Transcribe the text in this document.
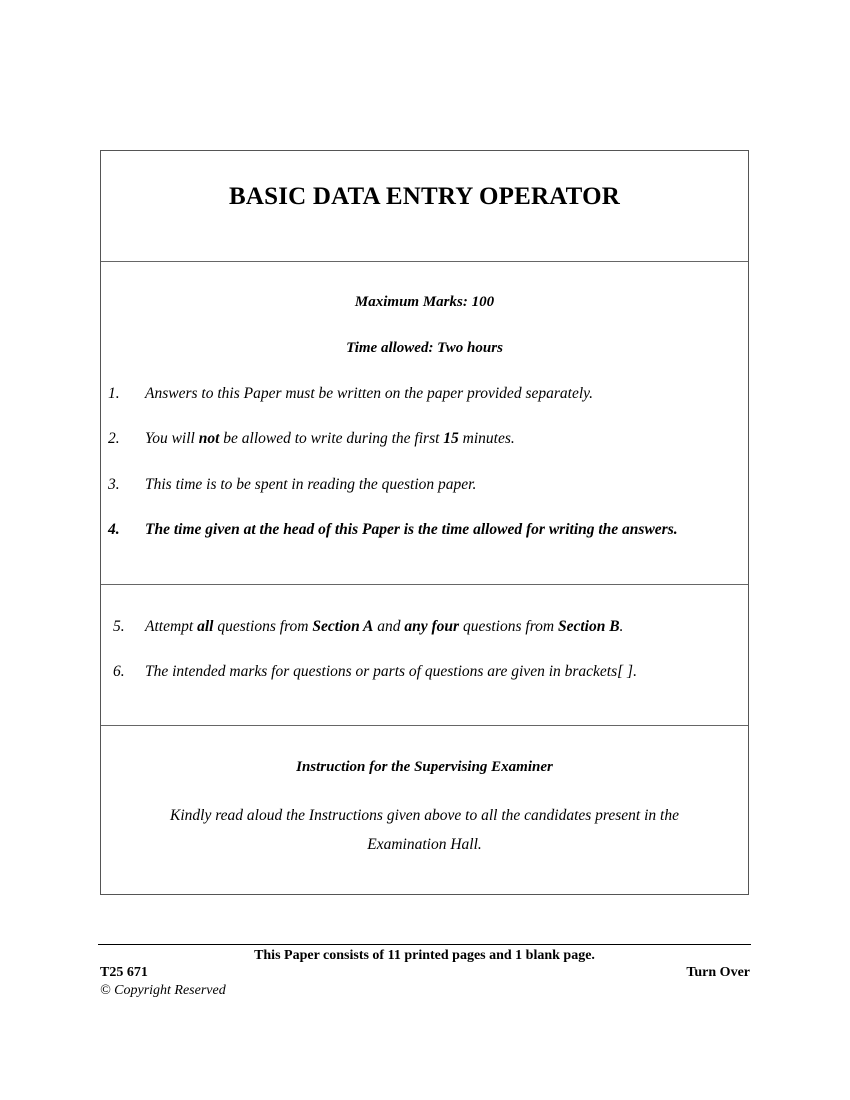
BASIC DATA ENTRY OPERATOR
Maximum Marks: 100
Time allowed: Two hours
1. Answers to this Paper must be written on the paper provided separately.
2. You will not be allowed to write during the first 15 minutes.
3. This time is to be spent in reading the question paper.
4. The time given at the head of this Paper is the time allowed for writing the answers.
5. Attempt all questions from Section A and any four questions from Section B.
6. The intended marks for questions or parts of questions are given in brackets[ ].
Instruction for the Supervising Examiner
Kindly read aloud the Instructions given above to all the candidates present in the Examination Hall.
This Paper consists of 11 printed pages and 1 blank page.
T25 671	Turn Over
© Copyright Reserved
